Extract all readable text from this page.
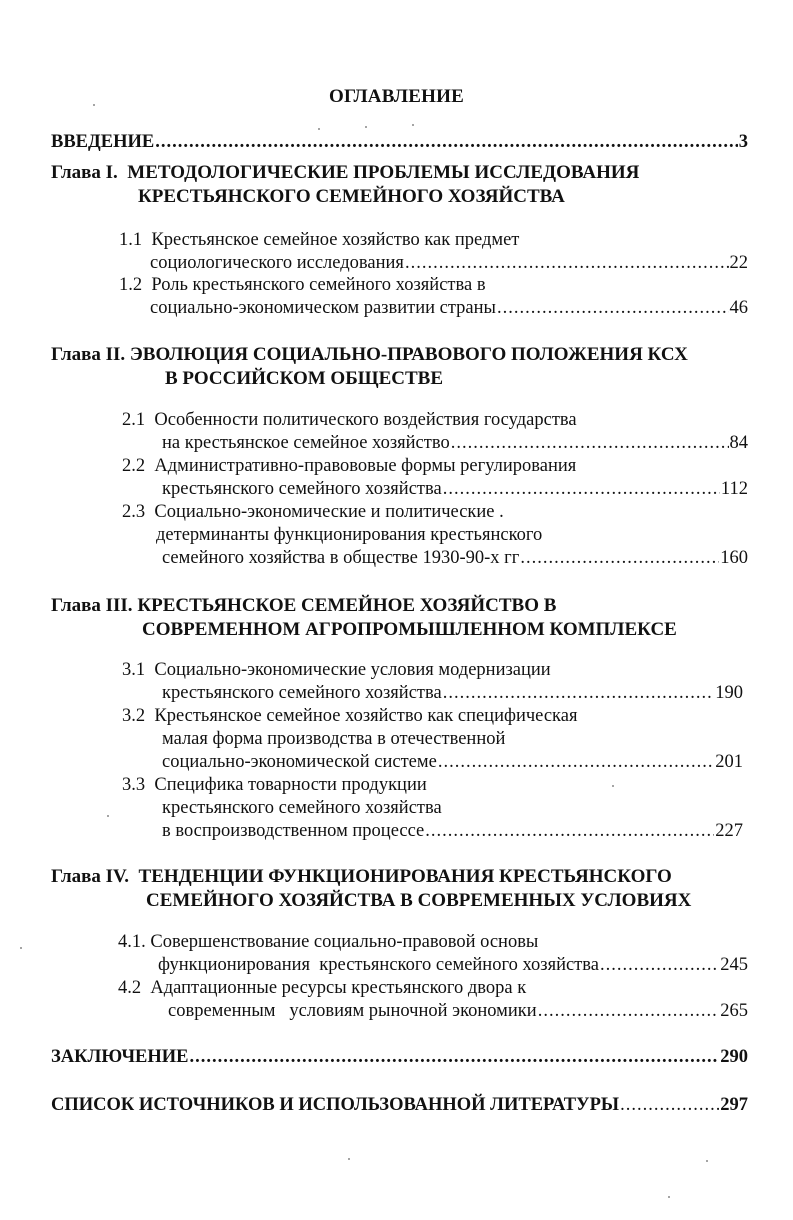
ОГЛАВЛЕНИЕ
ВВЕДЕНИЕ .....	3
Глава I. МЕТОДОЛОГИЧЕСКИЕ ПРОБЛЕМЫ ИССЛЕДОВАНИЯ
КРЕСТЬЯНСКОГО СЕМЕЙНОГО ХОЗЯЙСТВА
1.1 Крестьянское семейное хозяйство как предмет
социологического исследования .....	22
1.2 Роль крестьянского семейного хозяйства в
социально-экономическом развитии страны .....	46
Глава II. ЭВОЛЮЦИЯ СОЦИАЛЬНО-ПРАВОВОГО ПОЛОЖЕНИЯ КСХ
В РОССИЙСКОМ ОБЩЕСТВЕ
2.1 Особенности политического воздействия государства
на крестьянское семейное хозяйство .....	84
2.2 Административно-правововые формы регулирования
крестьянского семейного хозяйства .....	112
2.3 Социально-экономические и политические .
детерминанты функционирования крестьянского
семейного хозяйства в обществе 1930-90-х гг .....	160
Глава III. КРЕСТЬЯНСКОЕ СЕМЕЙНОЕ ХОЗЯЙСТВО В
СОВРЕМЕННОМ АГРОПРОМЫШЛЕННОМ КОМПЛЕКСЕ
3.1 Социально-экономические условия модернизации
крестьянского семейного хозяйства .....	190
3.2 Крестьянское семейное хозяйство как специфическая
малая форма производства в отечественной
социально-экономической системе .....	201
3.3 Специфика товарности продукции
крестьянского семейного хозяйства
в воспроизводственном процессе .....	227
Глава IV. ТЕНДЕНЦИИ ФУНКЦИОНИРОВАНИЯ КРЕСТЬЯНСКОГО
СЕМЕЙНОГО ХОЗЯЙСТВА В СОВРЕМЕННЫХ УСЛОВИЯХ
4.1. Совершенствование социально-правовой основы
функционирования  крестьянского семейного хозяйства .....	245
4.2 Адаптационные ресурсы крестьянского двора к
современным   условиям рыночной экономики .....	265
ЗАКЛЮЧЕНИЕ .....	290
СПИСОК ИСТОЧНИКОВ И ИСПОЛЬЗОВАННОЙ ЛИТЕРАТУРЫ .....	297
